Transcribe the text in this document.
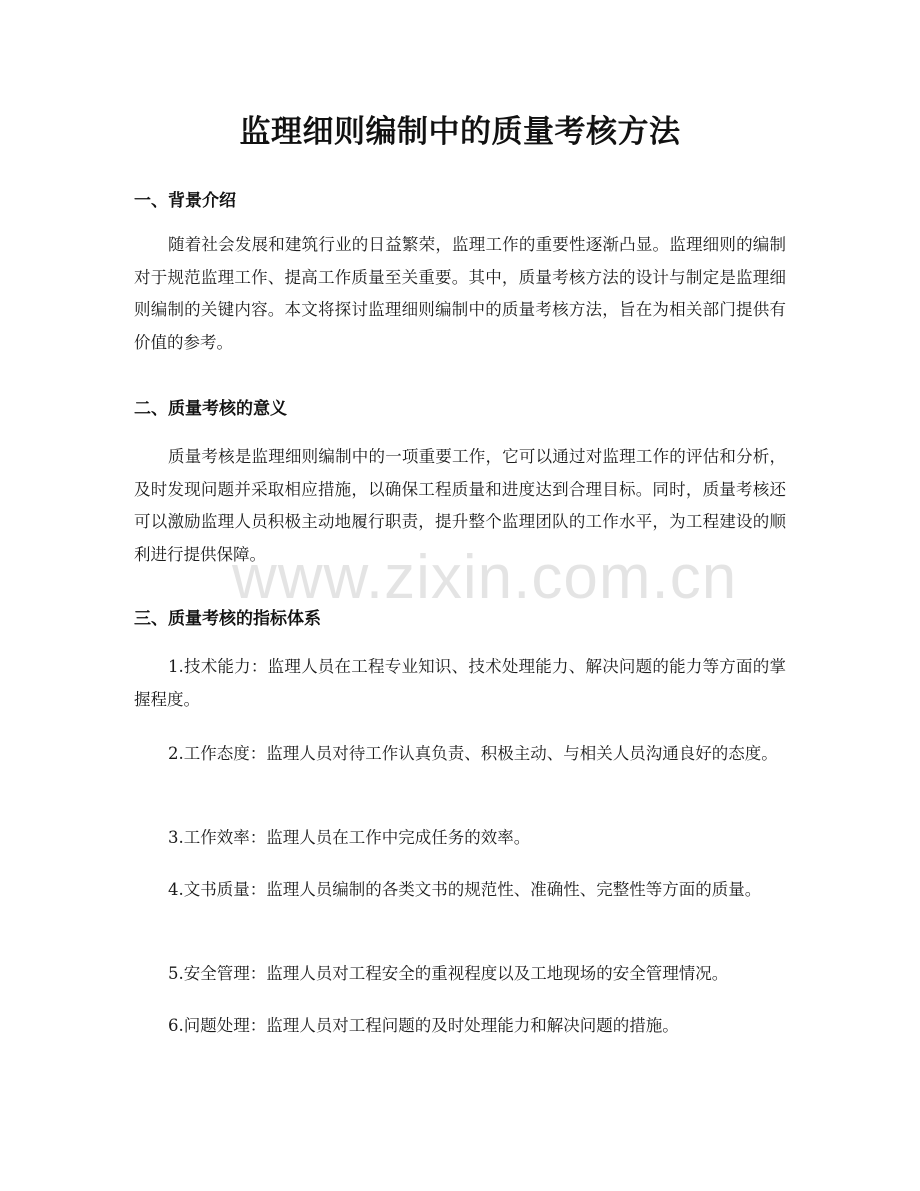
监理细则编制中的质量考核方法
一、背景介绍
随着社会发展和建筑行业的日益繁荣，监理工作的重要性逐渐凸显。监理细则的编制对于规范监理工作、提高工作质量至关重要。其中，质量考核方法的设计与制定是监理细则编制的关键内容。本文将探讨监理细则编制中的质量考核方法，旨在为相关部门提供有价值的参考。
二、质量考核的意义
质量考核是监理细则编制中的一项重要工作，它可以通过对监理工作的评估和分析，及时发现问题并采取相应措施，以确保工程质量和进度达到合理目标。同时，质量考核还可以激励监理人员积极主动地履行职责，提升整个监理团队的工作水平，为工程建设的顺利进行提供保障。
三、质量考核的指标体系
1.技术能力：监理人员在工程专业知识、技术处理能力、解决问题的能力等方面的掌握程度。
2.工作态度：监理人员对待工作认真负责、积极主动、与相关人员沟通良好的态度。
3.工作效率：监理人员在工作中完成任务的效率。
4.文书质量：监理人员编制的各类文书的规范性、准确性、完整性等方面的质量。
5.安全管理：监理人员对工程安全的重视程度以及工地现场的安全管理情况。
6.问题处理：监理人员对工程问题的及时处理能力和解决问题的措施。
www.zixin.com.cn
